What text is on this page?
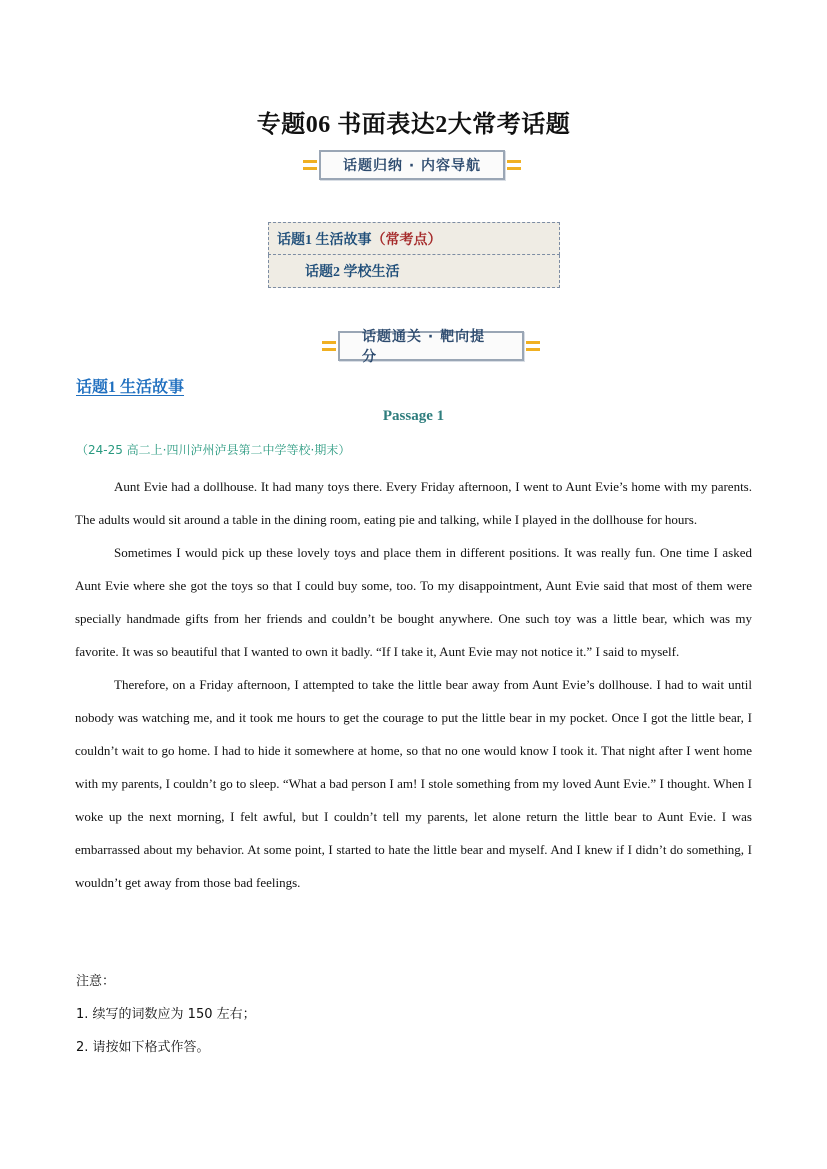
专题06 书面表达2大常考话题
话题归纳 · 内容导航
话题1 生活故事 （常考点）
话题2 学校生活
话题通关 · 靶向提分
话题1 生活故事
Passage 1
（24-25 高二上·四川泸州泸县第二中学等校·期末）

Aunt Evie had a dollhouse. It had many toys there. Every Friday afternoon, I went to Aunt Evie’s home with my parents. The adults would sit around a table in the dining room, eating pie and talking, while I played in the dollhouse for hours.

Sometimes I would pick up these lovely toys and place them in different positions. It was really fun. One time I asked Aunt Evie where she got the toys so that I could buy some, too. To my disappointment, Aunt Evie said that most of them were specially handmade gifts from her friends and couldn’t be bought anywhere. One such toy was a little bear, which was my favorite. It was so beautiful that I wanted to own it badly. “If I take it, Aunt Evie may not notice it.” I said to myself.

Therefore, on a Friday afternoon, I attempted to take the little bear away from Aunt Evie’s dollhouse. I had to wait until nobody was watching me, and it took me hours to get the courage to put the little bear in my pocket. Once I got the little bear, I couldn’t wait to go home. I had to hide it somewhere at home, so that no one would know I took it. That night after I went home with my parents, I couldn’t go to sleep. “What a bad person I am! I stole something from my loved Aunt Evie.” I thought. When I woke up the next morning, I felt awful, but I couldn’t tell my parents, let alone return the little bear to Aunt Evie. I was embarrassed about my behavior. At some point, I started to hate the little bear and myself. And I knew if I didn’t do something, I wouldn’t get away from those bad feelings.

注意：
1. 续写的词数应为 150 左右；
2. 请按如下格式作答。
